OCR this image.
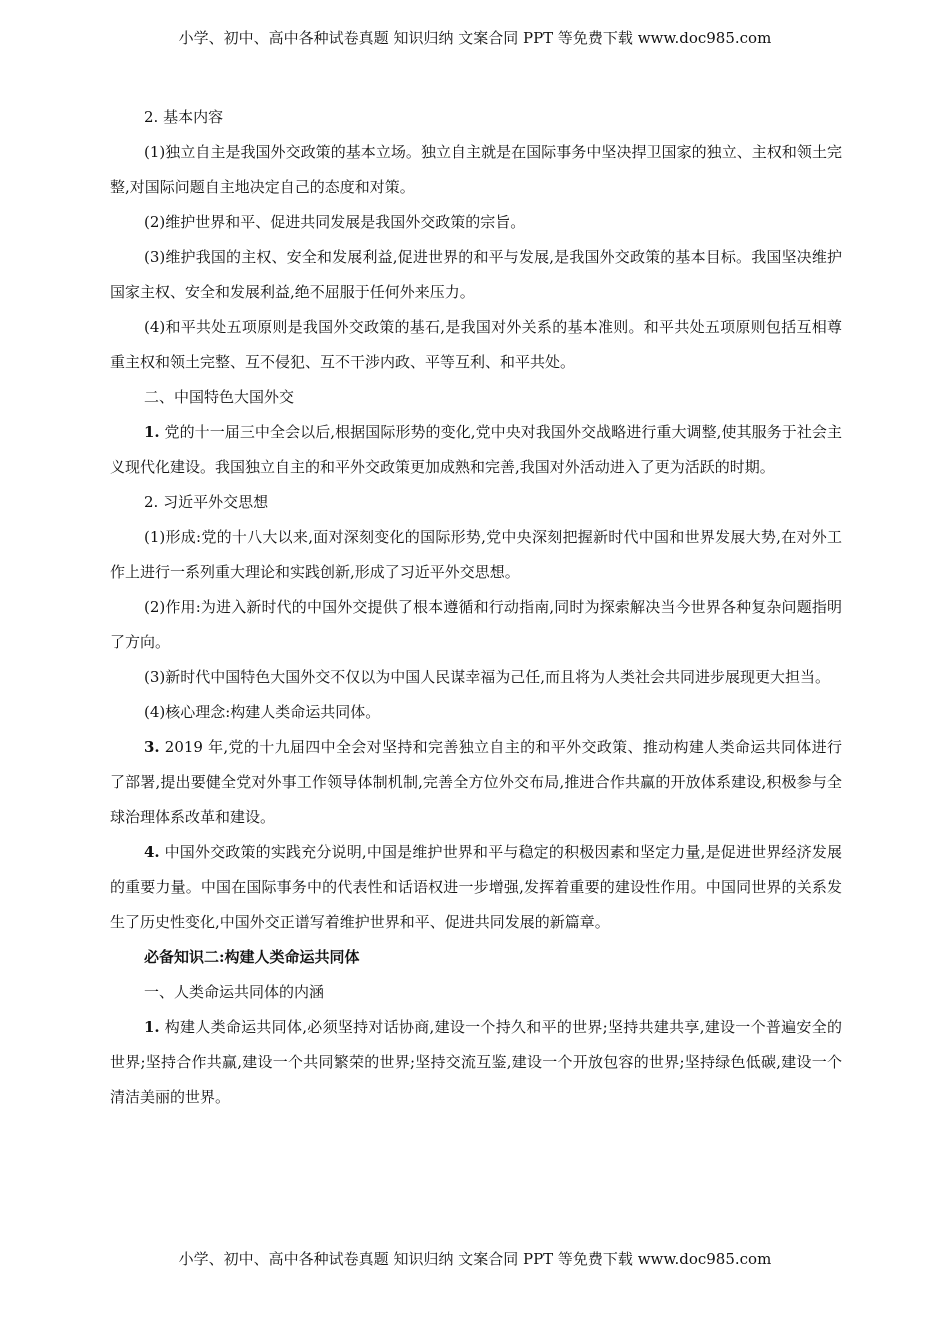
小学、初中、高中各种试卷真题 知识归纳 文案合同 PPT 等免费下载 www.doc985.com

2. 基本内容

(1)独立自主是我国外交政策的基本立场。独立自主就是在国际事务中坚决捍卫国家的独立、主权和领土完整,对国际问题自主地决定自己的态度和对策。

(2)维护世界和平、促进共同发展是我国外交政策的宗旨。

(3)维护我国的主权、安全和发展利益,促进世界的和平与发展,是我国外交政策的基本目标。我国坚决维护国家主权、安全和发展利益,绝不屈服于任何外来压力。

(4)和平共处五项原则是我国外交政策的基石,是我国对外关系的基本准则。和平共处五项原则包括互相尊重主权和领土完整、互不侵犯、互不干涉内政、平等互利、和平共处。

二、中国特色大国外交

1. 党的十一届三中全会以后,根据国际形势的变化,党中央对我国外交战略进行重大调整,使其服务于社会主义现代化建设。我国独立自主的和平外交政策更加成熟和完善,我国对外活动进入了更为活跃的时期。

2. 习近平外交思想

(1)形成:党的十八大以来,面对深刻变化的国际形势,党中央深刻把握新时代中国和世界发展大势,在对外工作上进行一系列重大理论和实践创新,形成了习近平外交思想。

(2)作用:为进入新时代的中国外交提供了根本遵循和行动指南,同时为探索解决当今世界各种复杂问题指明了方向。

(3)新时代中国特色大国外交不仅以为中国人民谋幸福为己任,而且将为人类社会共同进步展现更大担当。

(4)核心理念:构建人类命运共同体。

3. 2019 年,党的十九届四中全会对坚持和完善独立自主的和平外交政策、推动构建人类命运共同体进行了部署,提出要健全党对外事工作领导体制机制,完善全方位外交布局,推进合作共赢的开放体系建设,积极参与全球治理体系改革和建设。

4. 中国外交政策的实践充分说明,中国是维护世界和平与稳定的积极因素和坚定力量,是促进世界经济发展的重要力量。中国在国际事务中的代表性和话语权进一步增强,发挥着重要的建设性作用。中国同世界的关系发生了历史性变化,中国外交正谱写着维护世界和平、促进共同发展的新篇章。

必备知识二:构建人类命运共同体

一、人类命运共同体的内涵

1. 构建人类命运共同体,必须坚持对话协商,建设一个持久和平的世界;坚持共建共享,建设一个普遍安全的世界;坚持合作共赢,建设一个共同繁荣的世界;坚持交流互鉴,建设一个开放包容的世界;坚持绿色低碳,建设一个清洁美丽的世界。

小学、初中、高中各种试卷真题 知识归纳 文案合同 PPT 等免费下载 www.doc985.com
